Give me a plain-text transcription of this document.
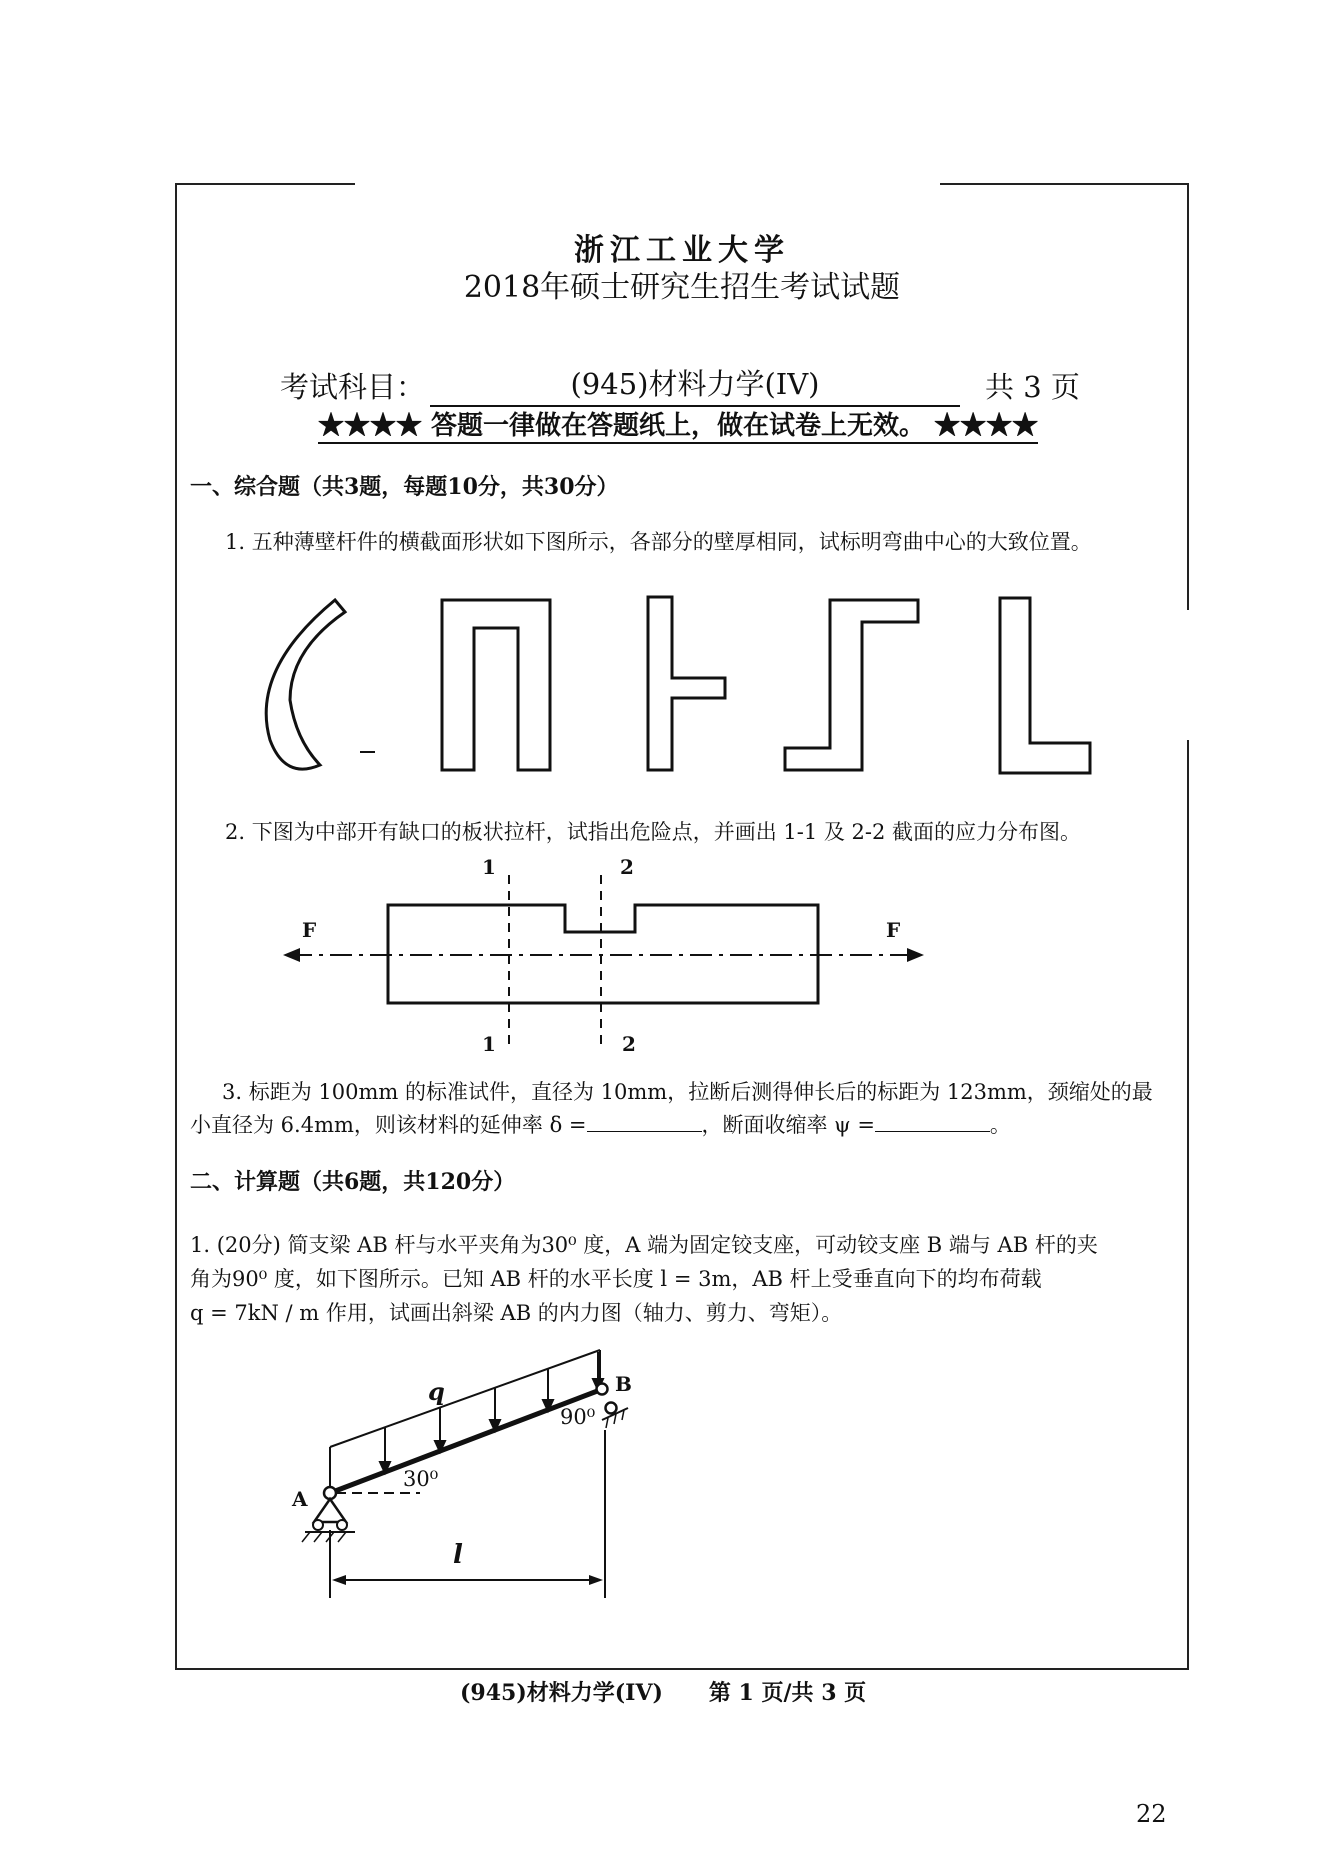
浙江工业大学
2018年硕士研究生招生考试试题
考试科目：	(945)材料力学(IV)	共 3 页
★★★★ 答题一律做在答题纸上，做在试卷上无效。 ★★★★
一、综合题（共3题，每题10分，共30分）
1. 五种薄壁杆件的横截面形状如下图所示，各部分的壁厚相同，试标明弯曲中心的大致位置。
2. 下图为中部开有缺口的板状拉杆，试指出危险点，并画出 1-1 及 2-2 截面的应力分布图。
F	F
1	2
1	2
3. 标距为 100mm 的标准试件，直径为 10mm，拉断后测得伸长后的标距为 123mm，颈缩处的最
小直径为 6.4mm，则该材料的延伸率 δ =	，断面收缩率 ψ =	。
二、计算题（共6题，共120分）
1. (20分) 简支梁 AB 杆与水平夹角为30⁰ 度，A 端为固定铰支座，可动铰支座 B 端与 AB 杆的夹
角为90⁰ 度，如下图所示。已知 AB 杆的水平长度 l = 3m，AB 杆上受垂直向下的均布荷载
q = 7kN / m 作用，试画出斜梁 AB 的内力图（轴力、剪力、弯矩）。
q	B
90⁰
A
30⁰
l
(945)材料力学(IV)      第 1 页/共 3 页
22
